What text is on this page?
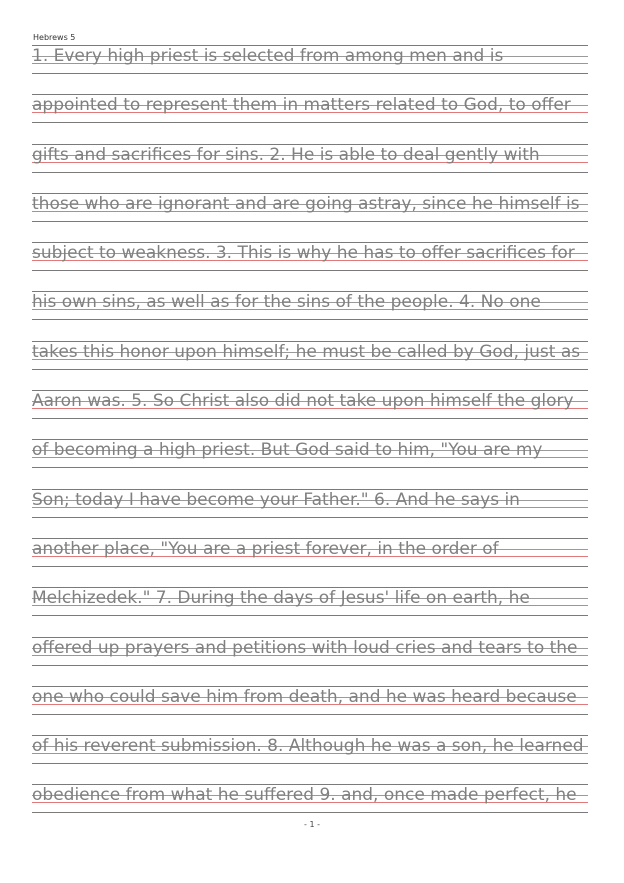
Hebrews 5
1. Every high priest is selected from among men and is
appointed to represent them in matters related to God, to offer
gifts and sacrifices for sins. 2. He is able to deal gently with
those who are ignorant and are going astray, since he himself is
subject to weakness. 3. This is why he has to offer sacrifices for
his own sins, as well as for the sins of the people. 4. No one
takes this honor upon himself; he must be called by God, just as
Aaron was. 5. So Christ also did not take upon himself the glory
of becoming a high priest. But God said to him, "You are my
Son; today I have become your Father." 6. And he says in
another place, "You are a priest forever, in the order of
Melchizedek." 7. During the days of Jesus' life on earth, he
offered up prayers and petitions with loud cries and tears to the
one who could save him from death, and he was heard because
of his reverent submission. 8. Although he was a son, he learned
obedience from what he suffered 9. and, once made perfect, he
- 1 -
